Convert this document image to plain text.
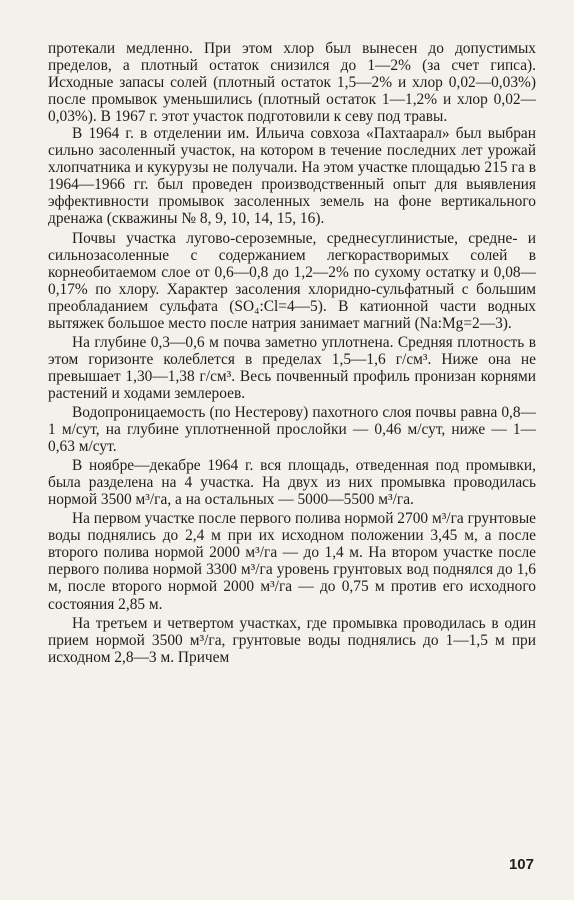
протекали медленно. При этом хлор был вынесен до допустимых пределов, а плотный остаток снизился до 1—2% (за счет гипса). Исходные запасы солей (плотный остаток 1,5—2% и хлор 0,02—0,03%) после промывок уменьшились (плотный остаток 1—1,2% и хлор 0,02—0,03%). В 1967 г. этот участок подготовили к севу под травы.

В 1964 г. в отделении им. Ильича совхоза «Пахтаарал» был выбран сильно засоленный участок, на котором в течение последних лет урожай хлопчатника и кукурузы не получали. На этом участке площадью 215 га в 1964—1966 гг. был проведен производственный опыт для выявления эффективности промывок засоленных земель на фоне вертикального дренажа (скважины № 8, 9, 10, 14, 15, 16).

Почвы участка лугово-сероземные, среднесуглинистые, средне- и сильнозасоленные с содержанием легкорастворимых солей в корнеобитаемом слое от 0,6—0,8 до 1,2—2% по сухому остатку и 0,08—0,17% по хлору. Характер засоления хлоридно-сульфатный с большим преобладанием сульфата (SO₄:Cl=4—5). В катионной части водных вытяжек большое место после натрия занимает магний (Na:Mg=2—3).

На глубине 0,3—0,6 м почва заметно уплотнена. Средняя плотность в этом горизонте колеблется в пределах 1,5—1,6 г/см³. Ниже она не превышает 1,30—1,38 г/см³. Весь почвенный профиль пронизан корнями растений и ходами землероев.

Водопроницаемость (по Нестерову) пахотного слоя почвы равна 0,8—1 м/сут, на глубине уплотненной прослойки — 0,46 м/сут, ниже — 1—0,63 м/сут.

В ноябре—декабре 1964 г. вся площадь, отведенная под промывки, была разделена на 4 участка. На двух из них промывка проводилась нормой 3500 м³/га, а на остальных — 5000—5500 м³/га.

На первом участке после первого полива нормой 2700 м³/га грунтовые воды поднялись до 2,4 м при их исходном положении 3,45 м, а после второго полива нормой 2000 м³/га — до 1,4 м. На втором участке после первого полива нормой 3300 м³/га уровень грунтовых вод поднялся до 1,6 м, после второго нормой 2000 м³/га — до 0,75 м против его исходного состояния 2,85 м.

На третьем и четвертом участках, где промывка проводилась в один прием нормой 3500 м³/га, грунтовые воды поднялись до 1—1,5 м при исходном 2,8—3 м. Причем

107
